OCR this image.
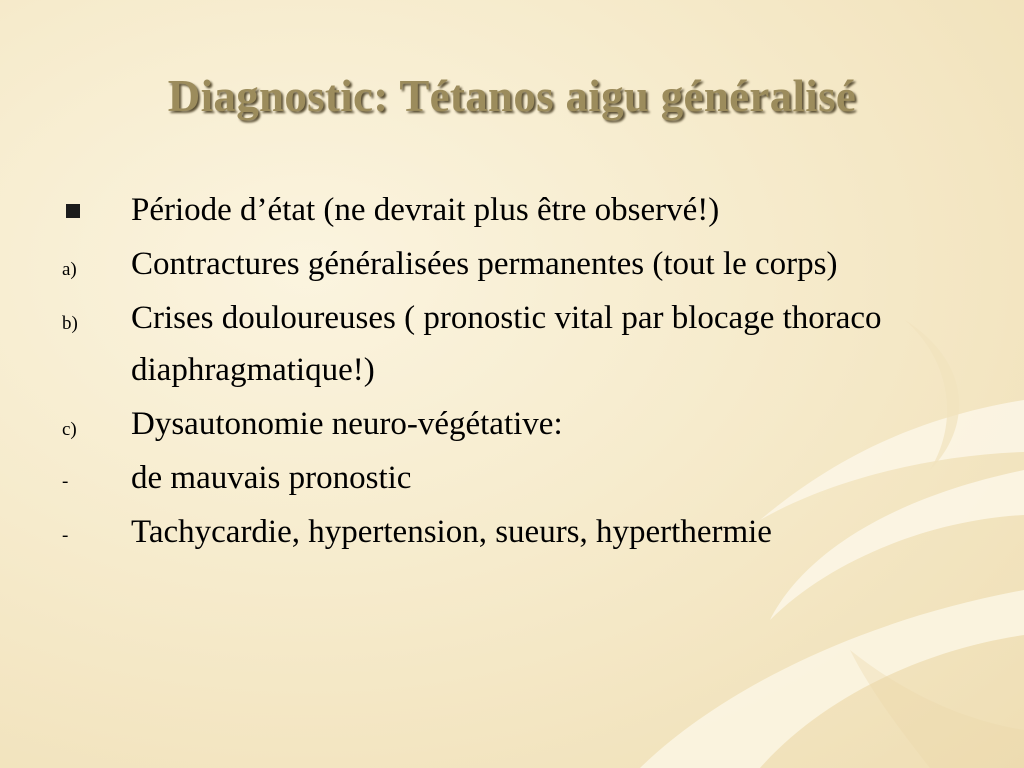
Diagnostic: Tétanos aigu généralisé
Période d’état (ne devrait plus être observé!)
a) Contractures généralisées permanentes (tout le corps)
b) Crises douloureuses ( pronostic vital par blocage thoraco diaphragmatique!)
c) Dysautonomie neuro-végétative:
- de mauvais pronostic
- Tachycardie, hypertension, sueurs, hyperthermie
